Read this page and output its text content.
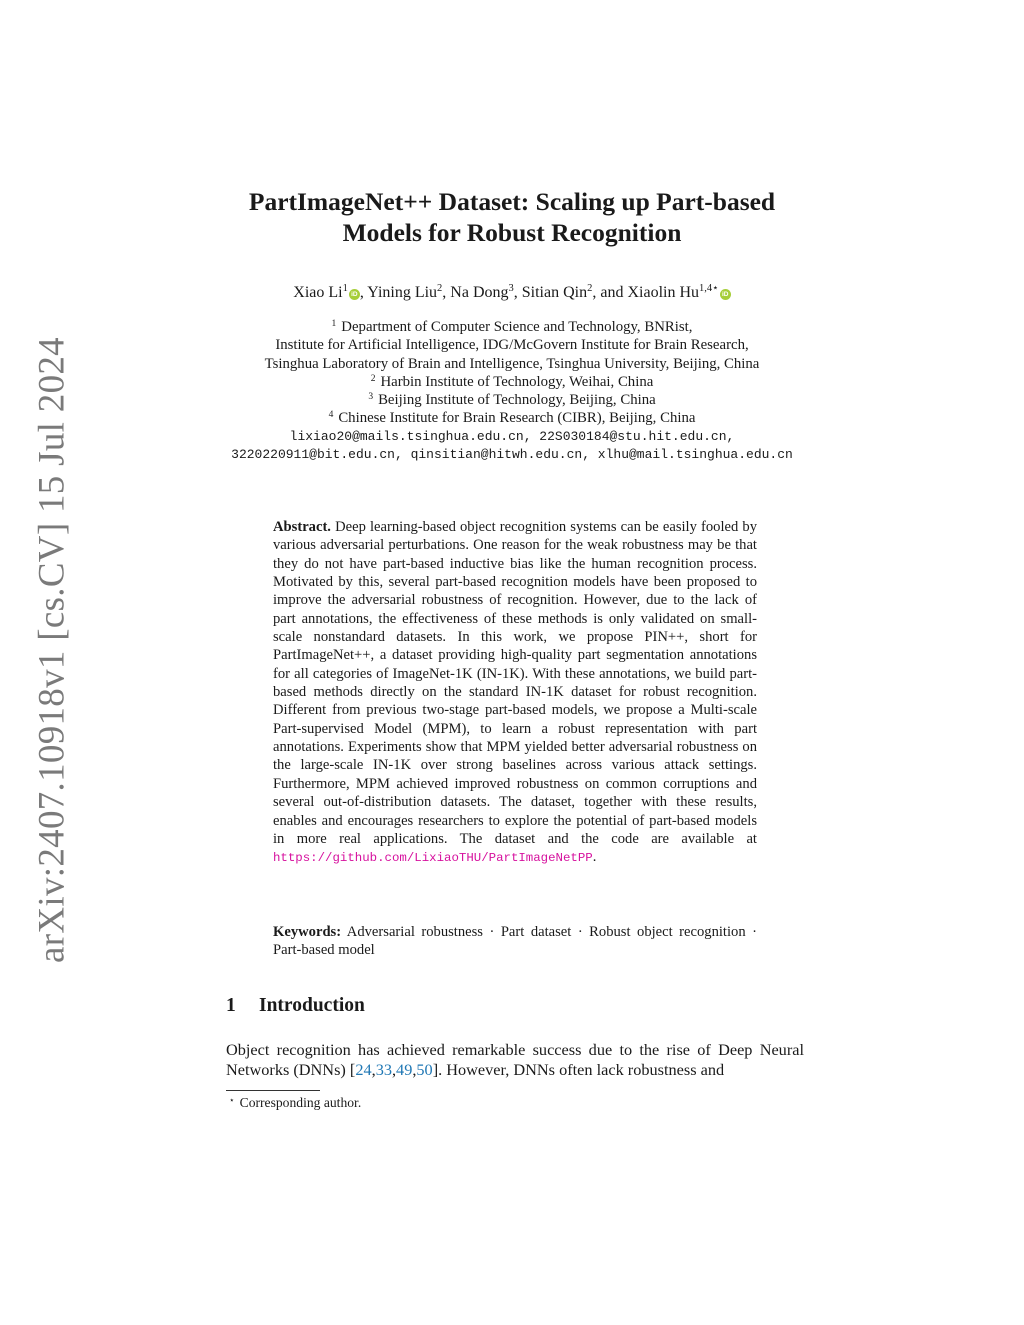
arXiv:2407.10918v1 [cs.CV] 15 Jul 2024
PartImageNet++ Dataset: Scaling up Part-based
Models for Robust Recognition
Xiao Li$^1$iD , Yining Liu$^2$, Na Dong$^3$, Sitian Qin$^2$, and Xiaolin $Hu^{1,4⋆}iD$
$^1$ Department of Computer Science and Technology, BNRist,
Institute for Artificial Intelligence, IDG/McGovern Institute for Brain Research,
Tsinghua Laboratory of Brain and Intelligence, Tsinghua University, Beijing, China
$^2$ Harbin Institute of Technology, Weihai, China
$^3$ Beijing Institute of Technology, Beijing, China
$^4$ Chinese Institute for Brain Research (CIBR), Beijing, China
lixiao20@mails.tsinghua.edu.cn, 22S030184@stu.hit.edu.cn,
3220220911@bit.edu.cn, qinsitian@hitwh.edu.cn, xlhu@mail.tsinghua.edu.cn
Abstract. Deep learning-based object recognition systems can be easily fooled by various adversarial perturbations. One reason for the weak robustness may be that they do not have part-based inductive bias like the human recognition process. Motivated by this, several part-based recognition models have been proposed to improve the adversarial robustness of recognition. However, due to the lack of part annotations, the effectiveness of these methods is only validated on small-scale nonstandard datasets. In this work, we propose PIN++, short for PartImageNet++, a dataset providing high-quality part segmentation annotations for all categories of ImageNet-1K (IN-1K). With these annotations, we build part-based methods directly on the standard IN-1K dataset for robust recognition. Different from previous two-stage part-based models, we propose a Multi-scale Part-supervised Model (MPM), to learn a robust representation with part annotations. Experiments show that MPM yielded better adversarial robustness on the large-scale IN-1K over strong baselines across various attack settings. Furthermore, MPM achieved improved robustness on common corruptions and several out-of-distribution datasets. The dataset, together with these results, enables and encourages researchers to explore the potential of part-based models in more real applications. The dataset and the code are available at https://github.com/LixiaoTHU/PartImageNetPP.
Keywords: Adversarial robustness · Part dataset · Robust object recognition · Part-based model
1 Introduction
Object recognition has achieved remarkable success due to the rise of Deep Neural Networks (DNNs) [24,33,49,50]. However, DNNs often lack robustness and
⋆ Corresponding author.
